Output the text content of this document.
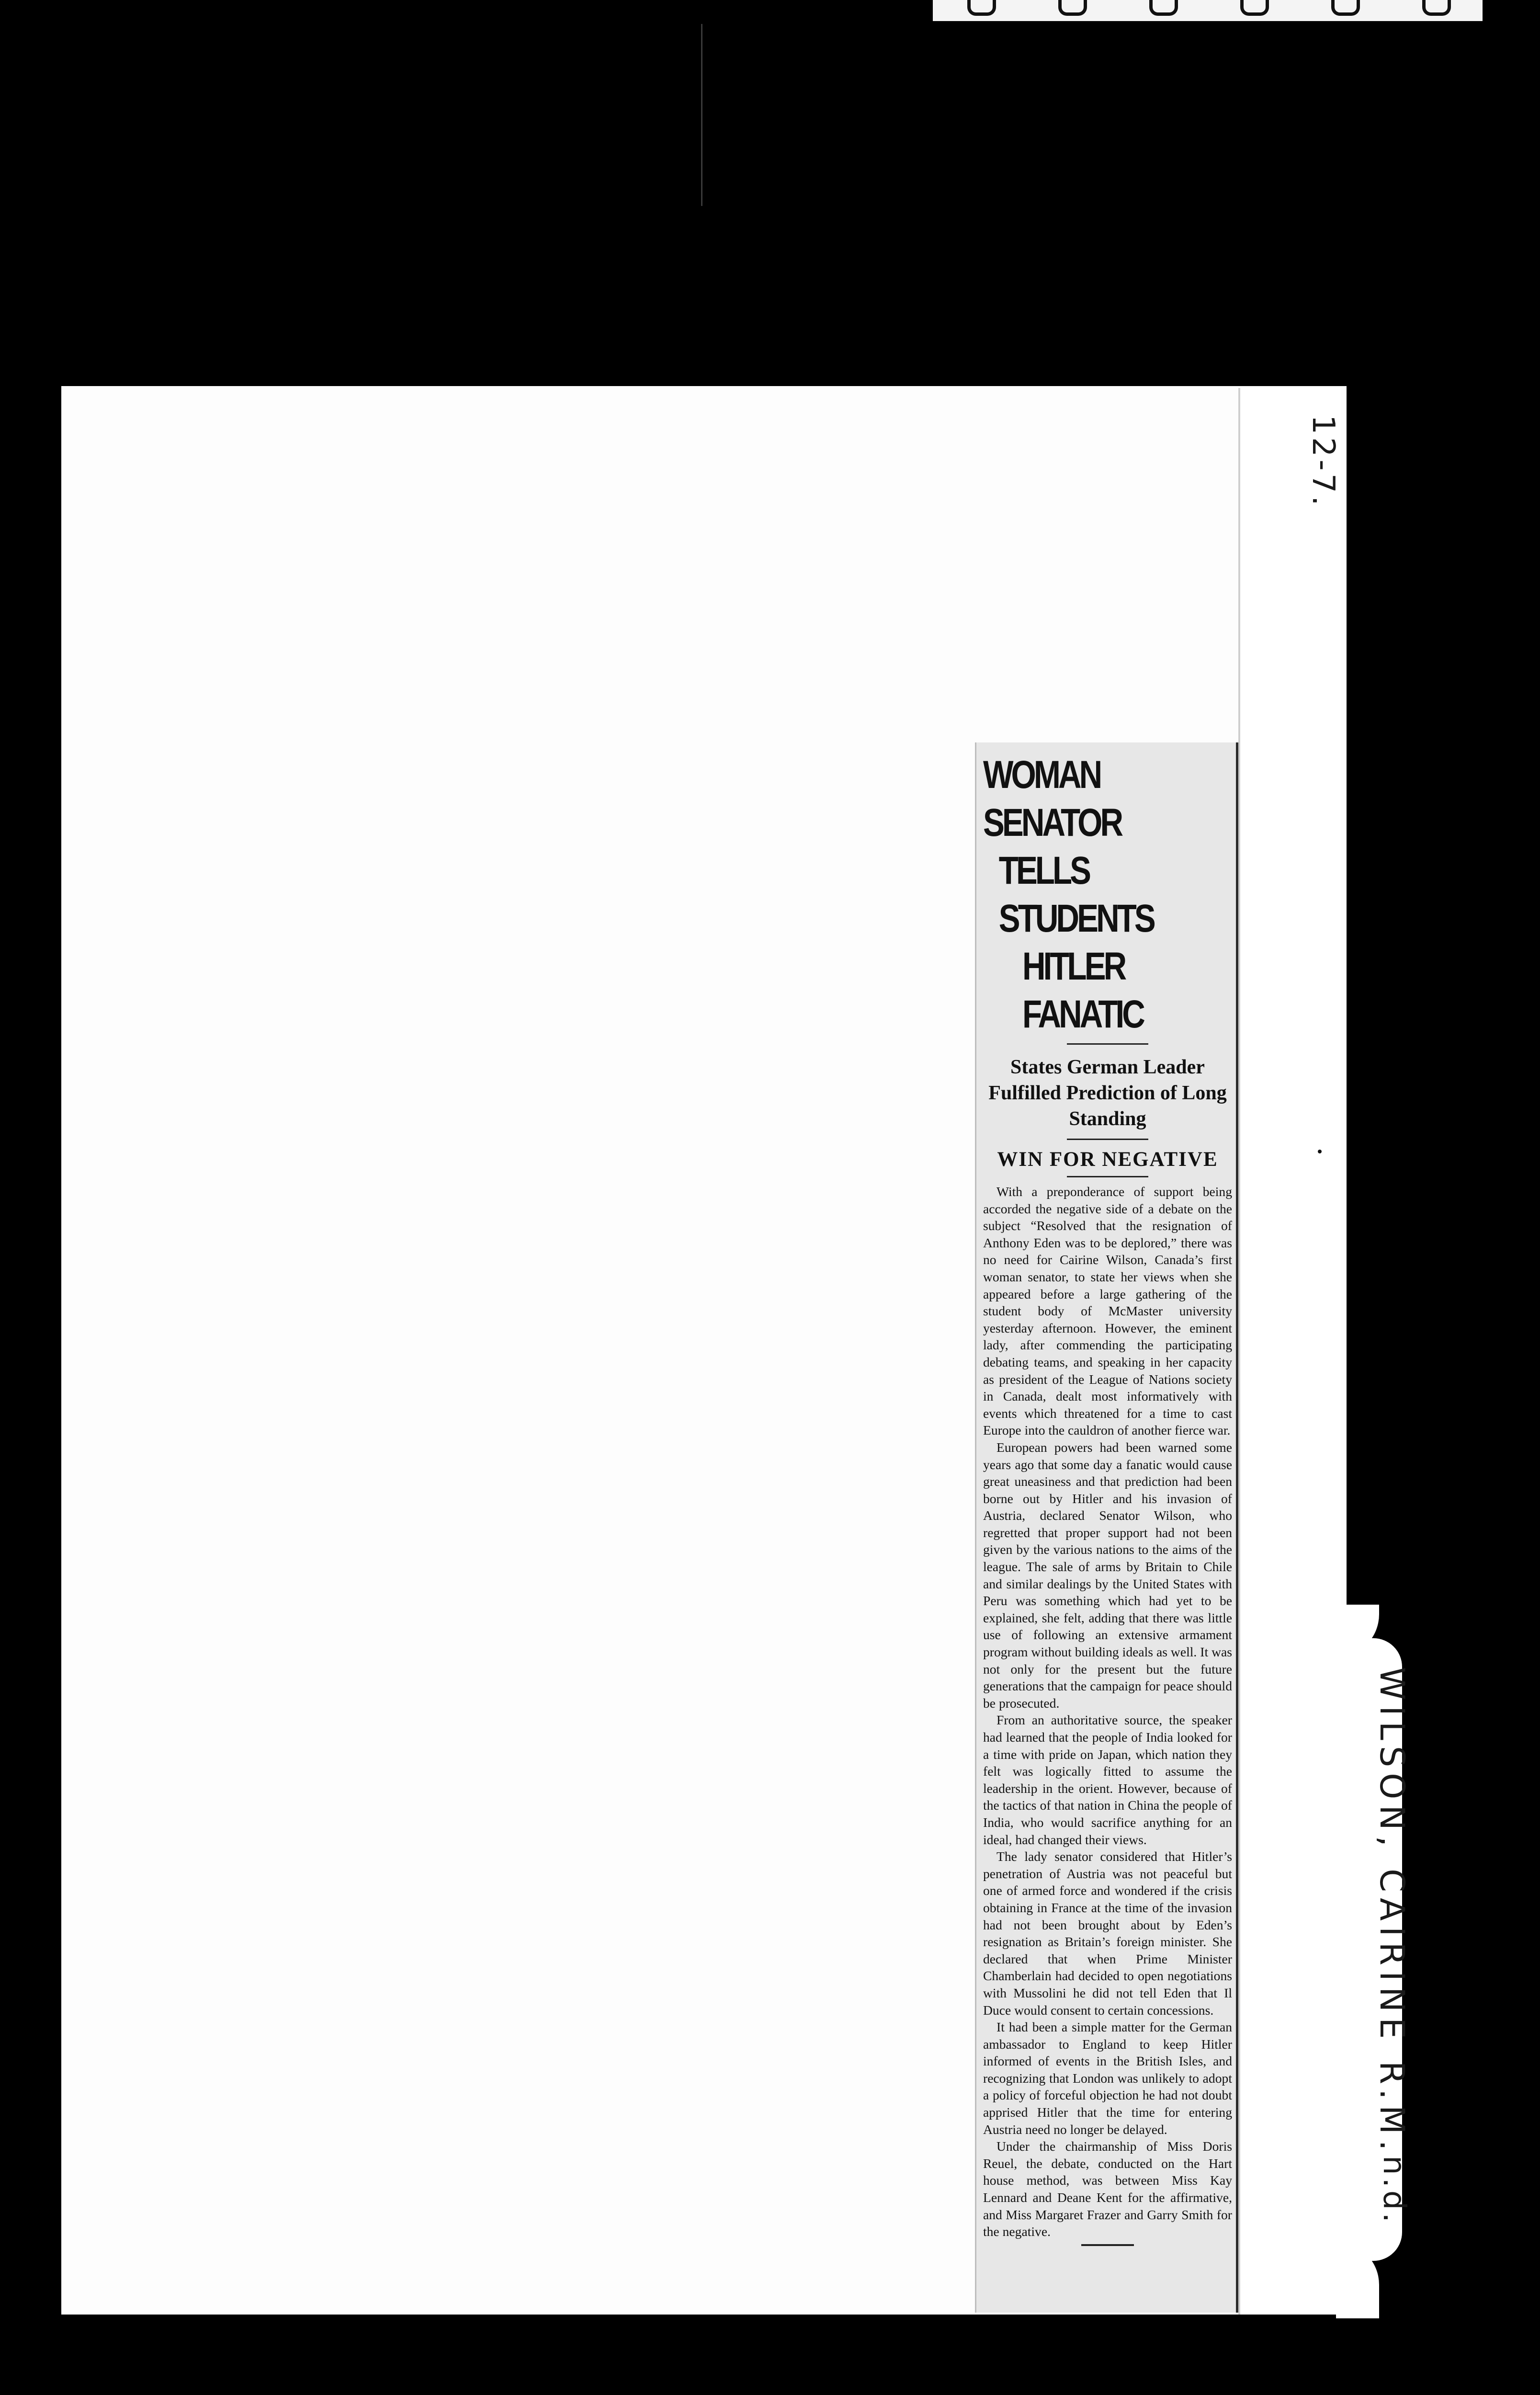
12-7.
WILSON, CAIRINE R.M.
n.d.
WOMAN SENATOR
TELLS STUDENTS
HITLER FANATIC
States German Leader Fulfilled Prediction of Long Standing
WIN FOR NEGATIVE

With a preponderance of support being accorded the negative side of a debate on the subject “Resolved that the resignation of Anthony Eden was to be deplored,” there was no need for Cairine Wilson, Canada’s first woman senator, to state her views when she appeared before a large gathering of the student body of McMaster university yesterday afternoon. However, the eminent lady, after commending the participating debating teams, and speaking in her capacity as president of the League of Nations society in Canada, dealt most informatively with events which threatened for a time to cast Europe into the cauldron of another fierce war.

European powers had been warned some years ago that some day a fanatic would cause great uneasiness and that prediction had been borne out by Hitler and his invasion of Austria, declared Senator Wilson, who regretted that proper support had not been given by the various nations to the aims of the league. The sale of arms by Britain to Chile and similar dealings by the United States with Peru was something which had yet to be explained, she felt, adding that there was little use of following an extensive armament program without building ideals as well. It was not only for the present but the future generations that the campaign for peace should be prosecuted.

From an authoritative source, the speaker had learned that the people of India looked for a time with pride on Japan, which nation they felt was logically fitted to assume the leadership in the orient. However, because of the tactics of that nation in China the people of India, who would sacrifice anything for an ideal, had changed their views.

The lady senator considered that Hitler’s penetration of Austria was not peaceful but one of armed force and wondered if the crisis obtaining in France at the time of the invasion had not been brought about by Eden’s resignation as Britain’s foreign minister. She declared that when Prime Minister Chamberlain had decided to open negotiations with Mussolini he did not tell Eden that Il Duce would consent to certain concessions.

It had been a simple matter for the German ambassador to England to keep Hitler informed of events in the British Isles, and recognizing that London was unlikely to adopt a policy of forceful objection he had not doubt apprised Hitler that the time for entering Austria need no longer be delayed.

Under the chairmanship of Miss Doris Reuel, the debate, conducted on the Hart house method, was between Miss Kay Lennard and Deane Kent for the affirmative, and Miss Margaret Frazer and Garry Smith for the negative.
